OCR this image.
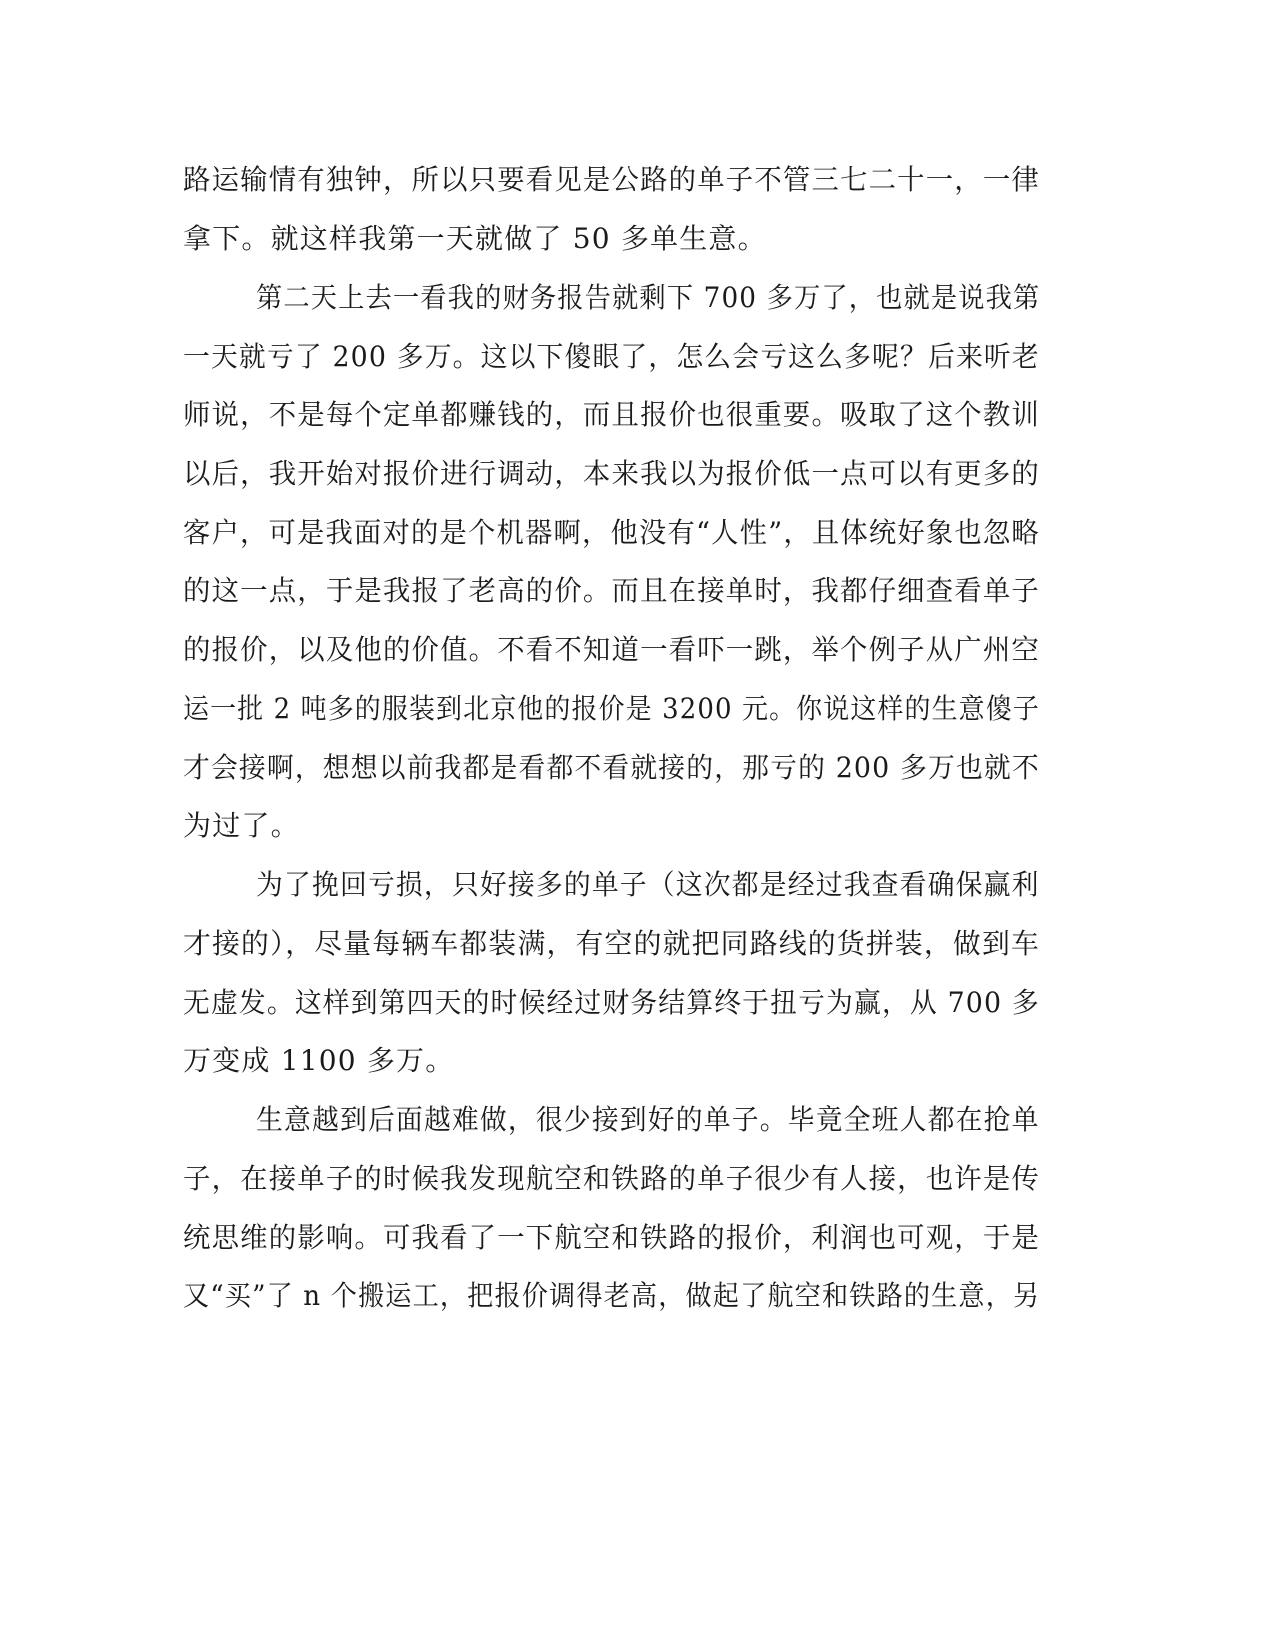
路运输情有独钟，所以只要看见是公路的单子不管三七二十一，一律

拿下。就这样我第一天就做了 50 多单生意。

第二天上去一看我的财务报告就剩下 700 多万了，也就是说我第

一天就亏了 200 多万。这以下傻眼了，怎么会亏这么多呢？后来听老

师说，不是每个定单都赚钱的，而且报价也很重要。吸取了这个教训

以后，我开始对报价进行调动，本来我以为报价低一点可以有更多的

客户，可是我面对的是个机器啊，他没有“人性”，且体统好象也忽略

的这一点，于是我报了老高的价。而且在接单时，我都仔细查看单子

的报价，以及他的价值。不看不知道一看吓一跳，举个例子从广州空

运一批 2 吨多的服装到北京他的报价是 3200 元。你说这样的生意傻子

才会接啊，想想以前我都是看都不看就接的，那亏的 200 多万也就不

为过了。

为了挽回亏损，只好接多的单子（这次都是经过我查看确保赢利

才接的），尽量每辆车都装满，有空的就把同路线的货拼装，做到车

无虚发。这样到第四天的时候经过财务结算终于扭亏为赢，从 700 多

万变成 1100 多万。

生意越到后面越难做，很少接到好的单子。毕竟全班人都在抢单

子，在接单子的时候我发现航空和铁路的单子很少有人接，也许是传

统思维的影响。可我看了一下航空和铁路的报价，利润也可观，于是

又“买”了 n 个搬运工，把报价调得老高，做起了航空和铁路的生意，另
